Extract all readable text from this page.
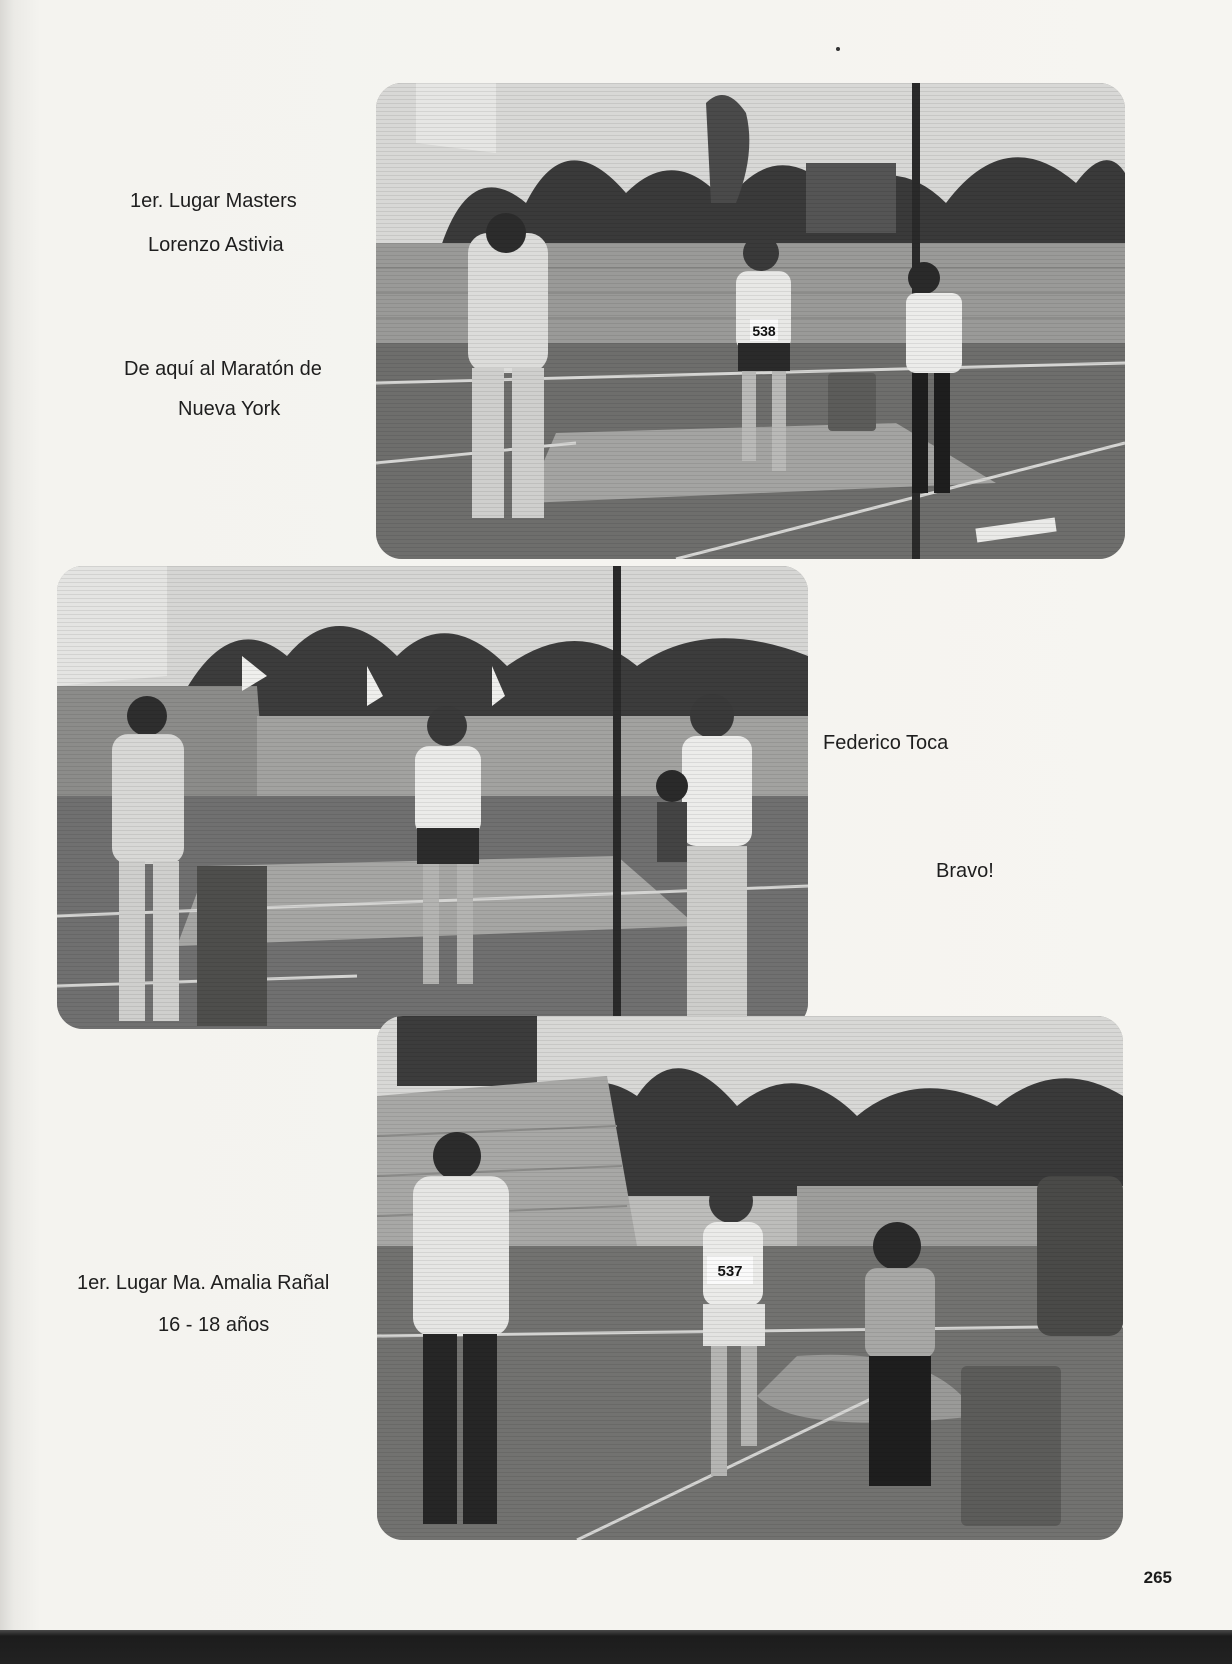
1er. Lugar Masters
Lorenzo Astivia
De aquí al Maratón de
Nueva York
Federico Toca
Bravo!
1er. Lugar Ma. Amalia Rañal
16 - 18 años
265
